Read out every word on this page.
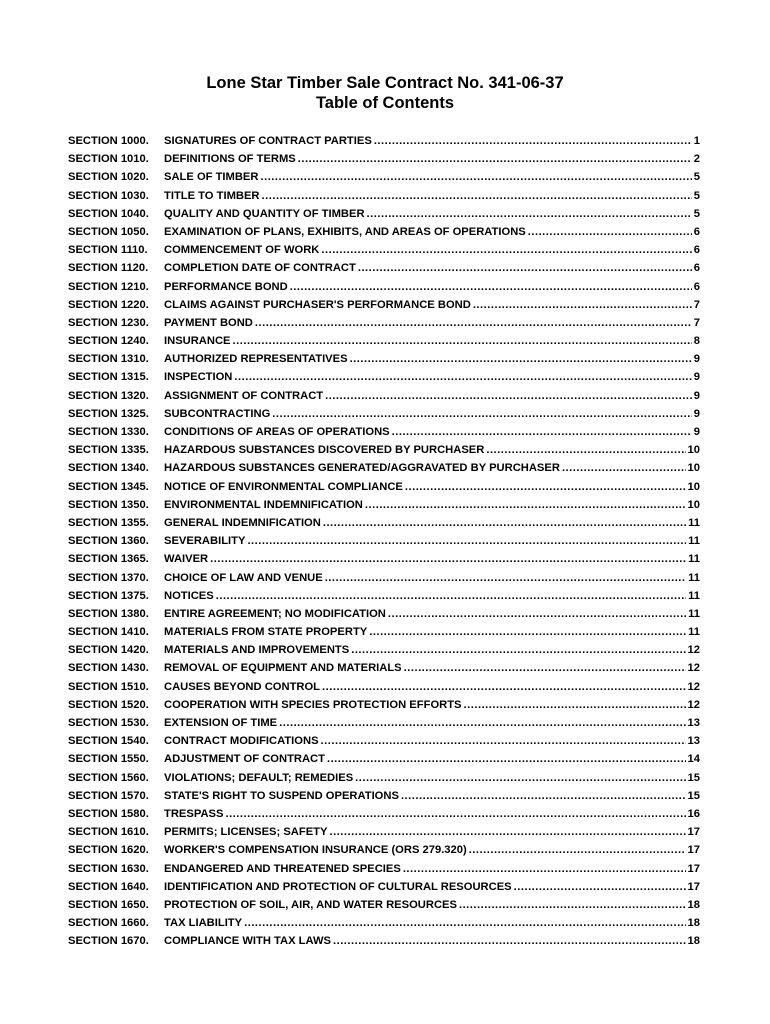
Lone Star Timber Sale Contract No. 341-06-37
Table of Contents
SECTION 1000.	SIGNATURES OF CONTRACT PARTIES .....	1
SECTION 1010.	DEFINITIONS OF TERMS .....	2
SECTION 1020.	SALE OF TIMBER .....	5
SECTION 1030.	TITLE TO TIMBER .....	5
SECTION 1040.	QUALITY AND QUANTITY OF TIMBER .....	5
SECTION 1050.	EXAMINATION OF PLANS, EXHIBITS, AND AREAS OF OPERATIONS .....	6
SECTION 1110.	COMMENCEMENT OF WORK .....	6
SECTION 1120.	COMPLETION DATE OF CONTRACT .....	6
SECTION 1210.	PERFORMANCE BOND .....	6
SECTION 1220.	CLAIMS AGAINST PURCHASER'S PERFORMANCE BOND .....	7
SECTION 1230.	PAYMENT BOND .....	7
SECTION 1240.	INSURANCE .....	8
SECTION 1310.	AUTHORIZED REPRESENTATIVES .....	9
SECTION 1315.	INSPECTION .....	9
SECTION 1320.	ASSIGNMENT OF CONTRACT .....	9
SECTION 1325.	SUBCONTRACTING .....	9
SECTION 1330.	CONDITIONS OF AREAS OF OPERATIONS .....	9
SECTION 1335.	HAZARDOUS SUBSTANCES DISCOVERED BY PURCHASER .....	10
SECTION 1340.	HAZARDOUS SUBSTANCES GENERATED/AGGRAVATED BY PURCHASER .....	10
SECTION 1345.	NOTICE OF ENVIRONMENTAL COMPLIANCE .....	10
SECTION 1350.	ENVIRONMENTAL INDEMNIFICATION .....	10
SECTION 1355.	GENERAL INDEMNIFICATION .....	11
SECTION 1360.	SEVERABILITY .....	11
SECTION 1365.	WAIVER .....	11
SECTION 1370.	CHOICE OF LAW AND VENUE .....	11
SECTION 1375.	NOTICES .....	11
SECTION 1380.	ENTIRE AGREEMENT; NO MODIFICATION .....	11
SECTION 1410.	MATERIALS FROM STATE PROPERTY .....	11
SECTION 1420.	MATERIALS AND IMPROVEMENTS .....	12
SECTION 1430.	REMOVAL OF EQUIPMENT AND MATERIALS .....	12
SECTION 1510.	CAUSES BEYOND CONTROL .....	12
SECTION 1520.	COOPERATION WITH SPECIES PROTECTION EFFORTS .....	12
SECTION 1530.	EXTENSION OF TIME .....	13
SECTION 1540.	CONTRACT MODIFICATIONS .....	13
SECTION 1550.	ADJUSTMENT OF CONTRACT .....	14
SECTION 1560.	VIOLATIONS; DEFAULT; REMEDIES .....	15
SECTION 1570.	STATE'S RIGHT TO SUSPEND OPERATIONS .....	15
SECTION 1580.	TRESPASS .....	16
SECTION 1610.	PERMITS; LICENSES; SAFETY .....	17
SECTION 1620.	WORKER'S COMPENSATION INSURANCE (ORS 279.320) .....	17
SECTION 1630.	ENDANGERED AND THREATENED SPECIES .....	17
SECTION 1640.	IDENTIFICATION AND PROTECTION OF CULTURAL RESOURCES .....	17
SECTION 1650.	PROTECTION OF SOIL, AIR, AND WATER RESOURCES .....	18
SECTION 1660.	TAX LIABILITY .....	18
SECTION 1670.	COMPLIANCE WITH TAX LAWS .....	18
